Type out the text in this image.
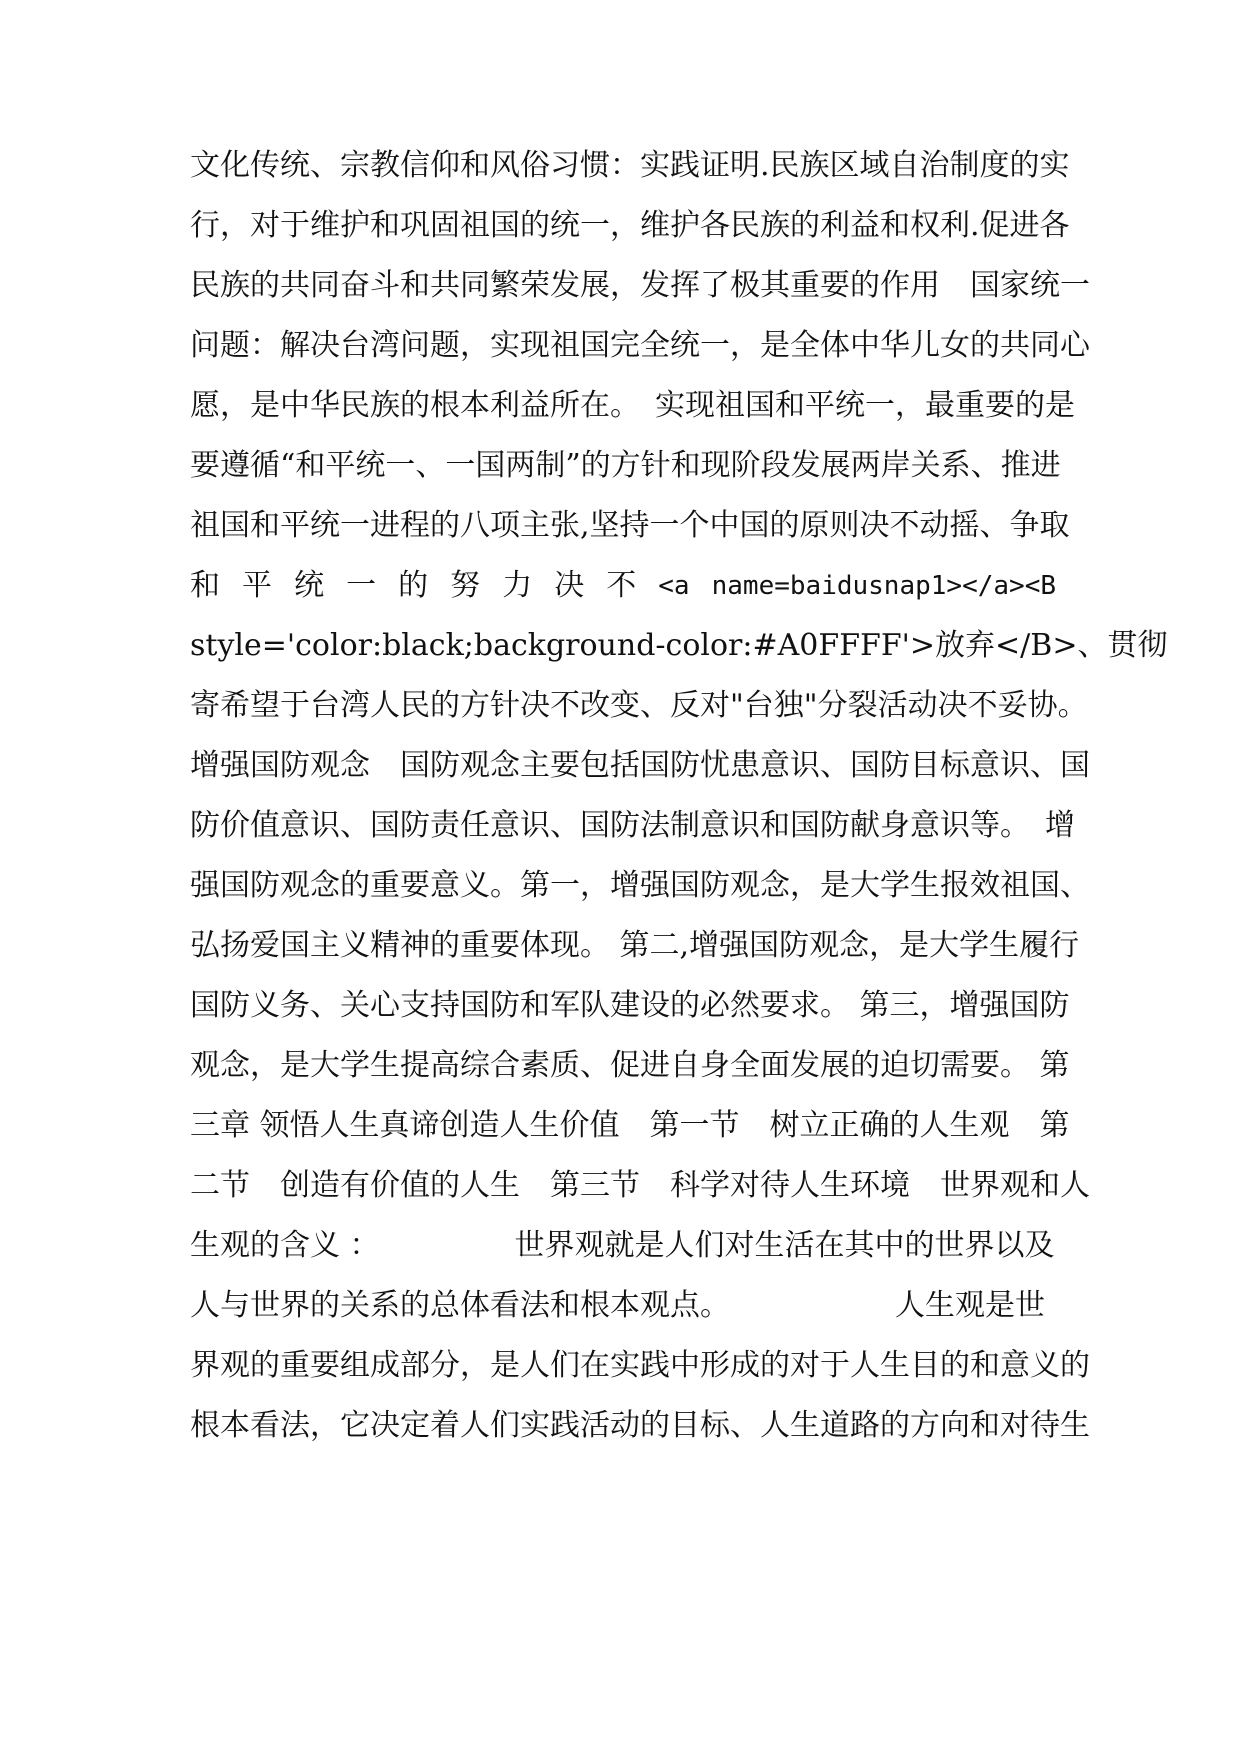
文化传统、宗教信仰和风俗习惯：实践证明.民族区域自治制度的实
行，对于维护和巩固祖国的统一，维护各民族的利益和权利.促进各
民族的共同奋斗和共同繁荣发展，发挥了极其重要的作用　国家统一
问题：解决台湾问题，实现祖国完全统一，是全体中华儿女的共同心
愿，是中华民族的根本利益所在。　实现祖国和平统一，最重要的是
要遵循“和平统一、一国两制”的方针和现阶段发展两岸关系、推进
祖国和平统一进程的八项主张,坚持一个中国的原则决不动摇、争取
和 平 统 一 的 努 力 决 不 <a name=baidusnap1></a><B
style='color:black;background-color:#A0FFFF'>放弃</B>、贯彻
寄希望于台湾人民的方针决不改变、反对"台独"分裂活动决不妥协。
增强国防观念　国防观念主要包括国防忧患意识、国防目标意识、国
防价值意识、国防责任意识、国防法制意识和国防献身意识等。　增
强国防观念的重要意义。第一，增强国防观念，是大学生报效祖国、
弘扬爱国主义精神的重要体现。 第二,增强国防观念，是大学生履行
国防义务、关心支持国防和军队建设的必然要求。 第三，增强国防
观念，是大学生提高综合素质、促进自身全面发展的迫切需要。 第
三章 领悟人生真谛创造人生价值　第一节　树立正确的人生观　第
二节　创造有价值的人生　第三节　科学对待人生环境　世界观和人
生观的含义 ：　　　　　世界观就是人们对生活在其中的世界以及
人与世界的关系的总体看法和根本观点。　　　　　　人生观是世
界观的重要组成部分，是人们在实践中形成的对于人生目的和意义的
根本看法，它决定着人们实践活动的目标、人生道路的方向和对待生
